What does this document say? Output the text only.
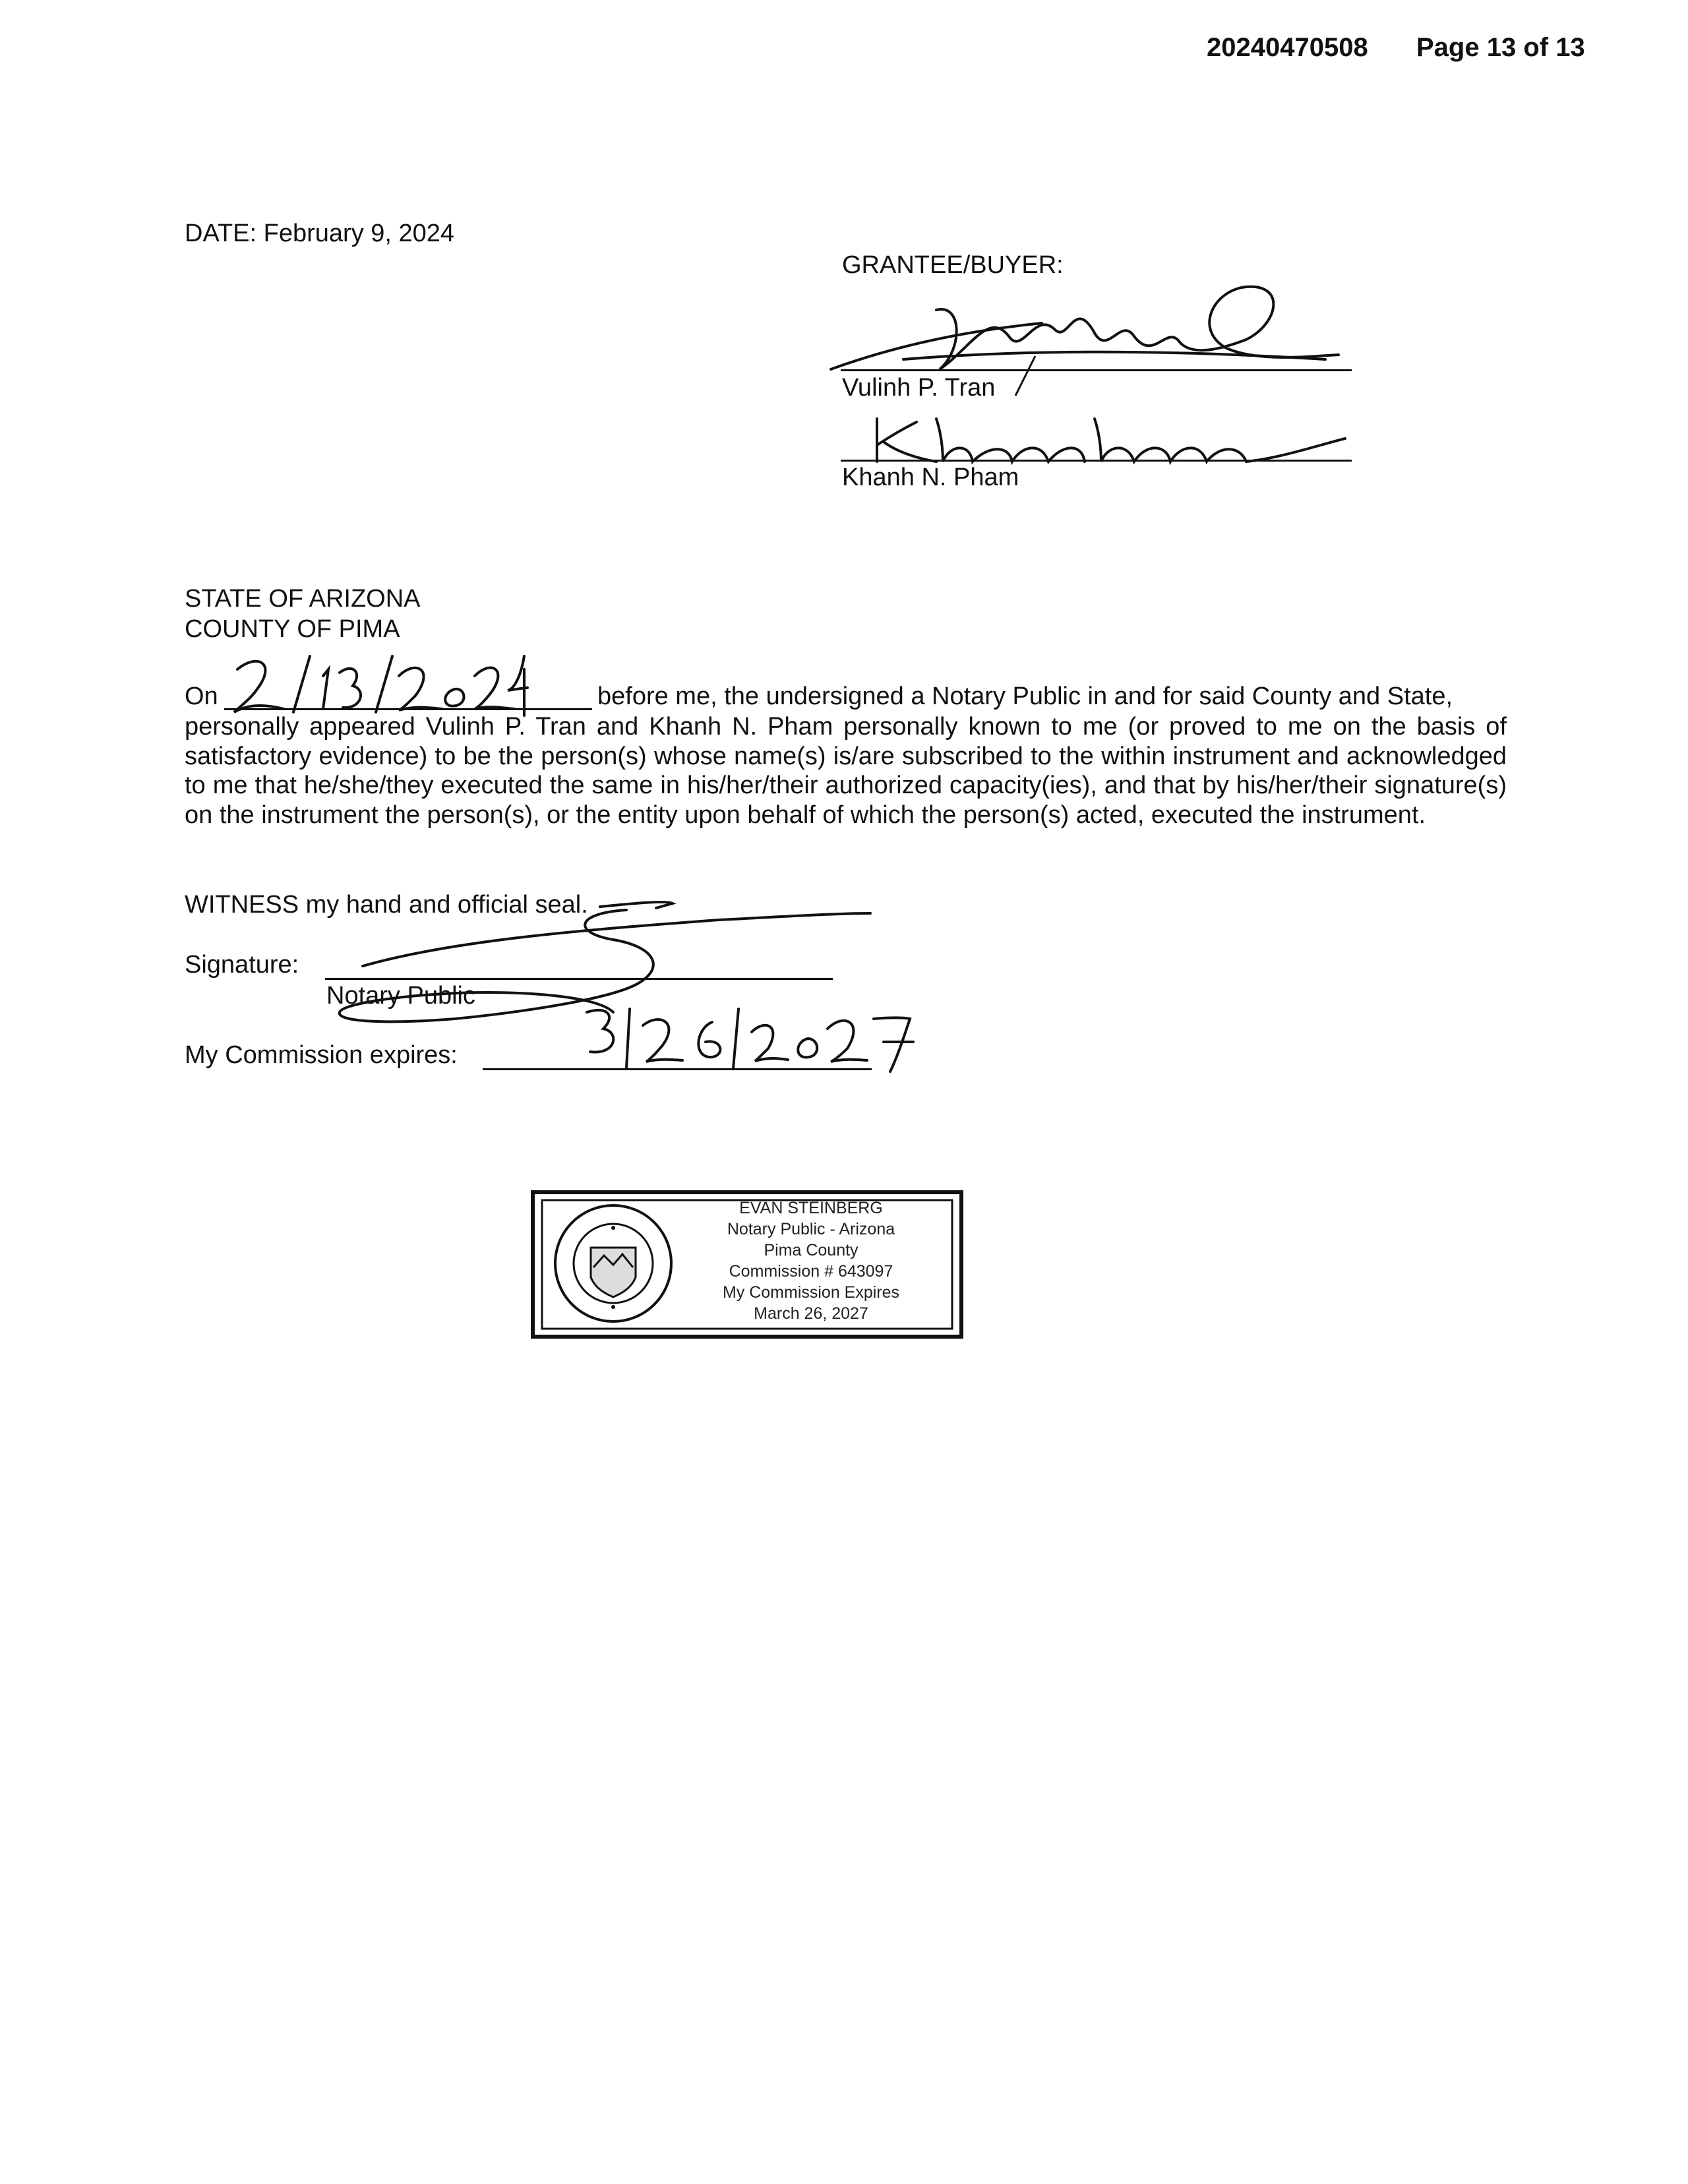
20240470508 Page 13 of 13
DATE: February 9, 2024
GRANTEE/BUYER:
Vulinh P. Tran
Khanh N. Pham
STATE OF ARIZONA
COUNTY OF PIMA
On	before me, the undersigned a Notary Public in and for said County and State,
personally appeared Vulinh P. Tran and Khanh N. Pham personally known to me (or proved to me on the basis of satisfactory evidence) to be the person(s) whose name(s) is/are subscribed to the within instrument and acknowledged to me that he/she/they executed the same in his/her/their authorized capacity(ies), and that by his/her/their signature(s) on the instrument the person(s), or the entity upon behalf of which the person(s) acted, executed the instrument.
WITNESS my hand and official seal.
Signature:
Notary Public
My Commission expires:
EVAN STEINBERG
Notary Public - Arizona
Pima County
Commission # 643097
My Commission Expires
March 26, 2027
